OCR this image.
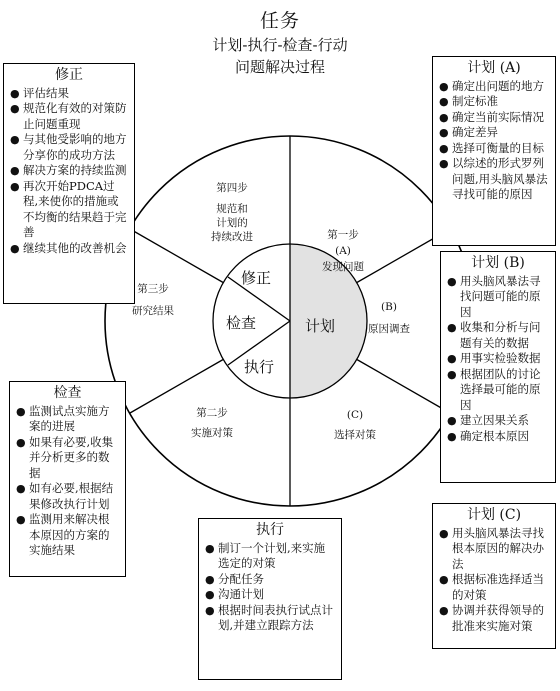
任务
计划-执行-检查-行动
问题解决过程
修正
检查	计划
执行
第四步
规范和
计划的
持续改进	第一步
(A)
发现问题
(B)
原因调查
(C)
选择对策
第二步
实施对策
第三步
研究结果
修正
● 评估结果
● 规范化有效的对策防止问题重现
● 与其他受影响的地方分享你的成功方法
● 解决方案的持续监测
● 再次开始PDCA过程,来使你的措施或不均衡的结果趋于完善
● 继续其他的改善机会
计划 (A)
● 确定出问题的地方
● 制定标准
● 确定当前实际情况
● 确定差异
● 选择可衡量的目标
● 以综述的形式罗列问题,用头脑风暴法寻找可能的原因
计划 (B)
● 用头脑风暴法寻找问题可能的原因
● 收集和分析与问题有关的数据
● 用事实检验数据
● 根据团队的讨论选择最可能的原因
● 建立因果关系
● 确定根本原因
检查
● 监测试点实施方案的进展
● 如果有必要,收集并分析更多的数据
● 如有必要,根据结果修改执行计划
● 监测用来解决根本原因的方案的实施结果
执行
● 制订一个计划,来实施选定的对策
● 分配任务
● 沟通计划
● 根据时间表执行试点计划,并建立跟踪方法
计划 (C)
● 用头脑风暴法寻找根本原因的解决办法
● 根据标准选择适当的对策
● 协调并获得领导的批准来实施对策
